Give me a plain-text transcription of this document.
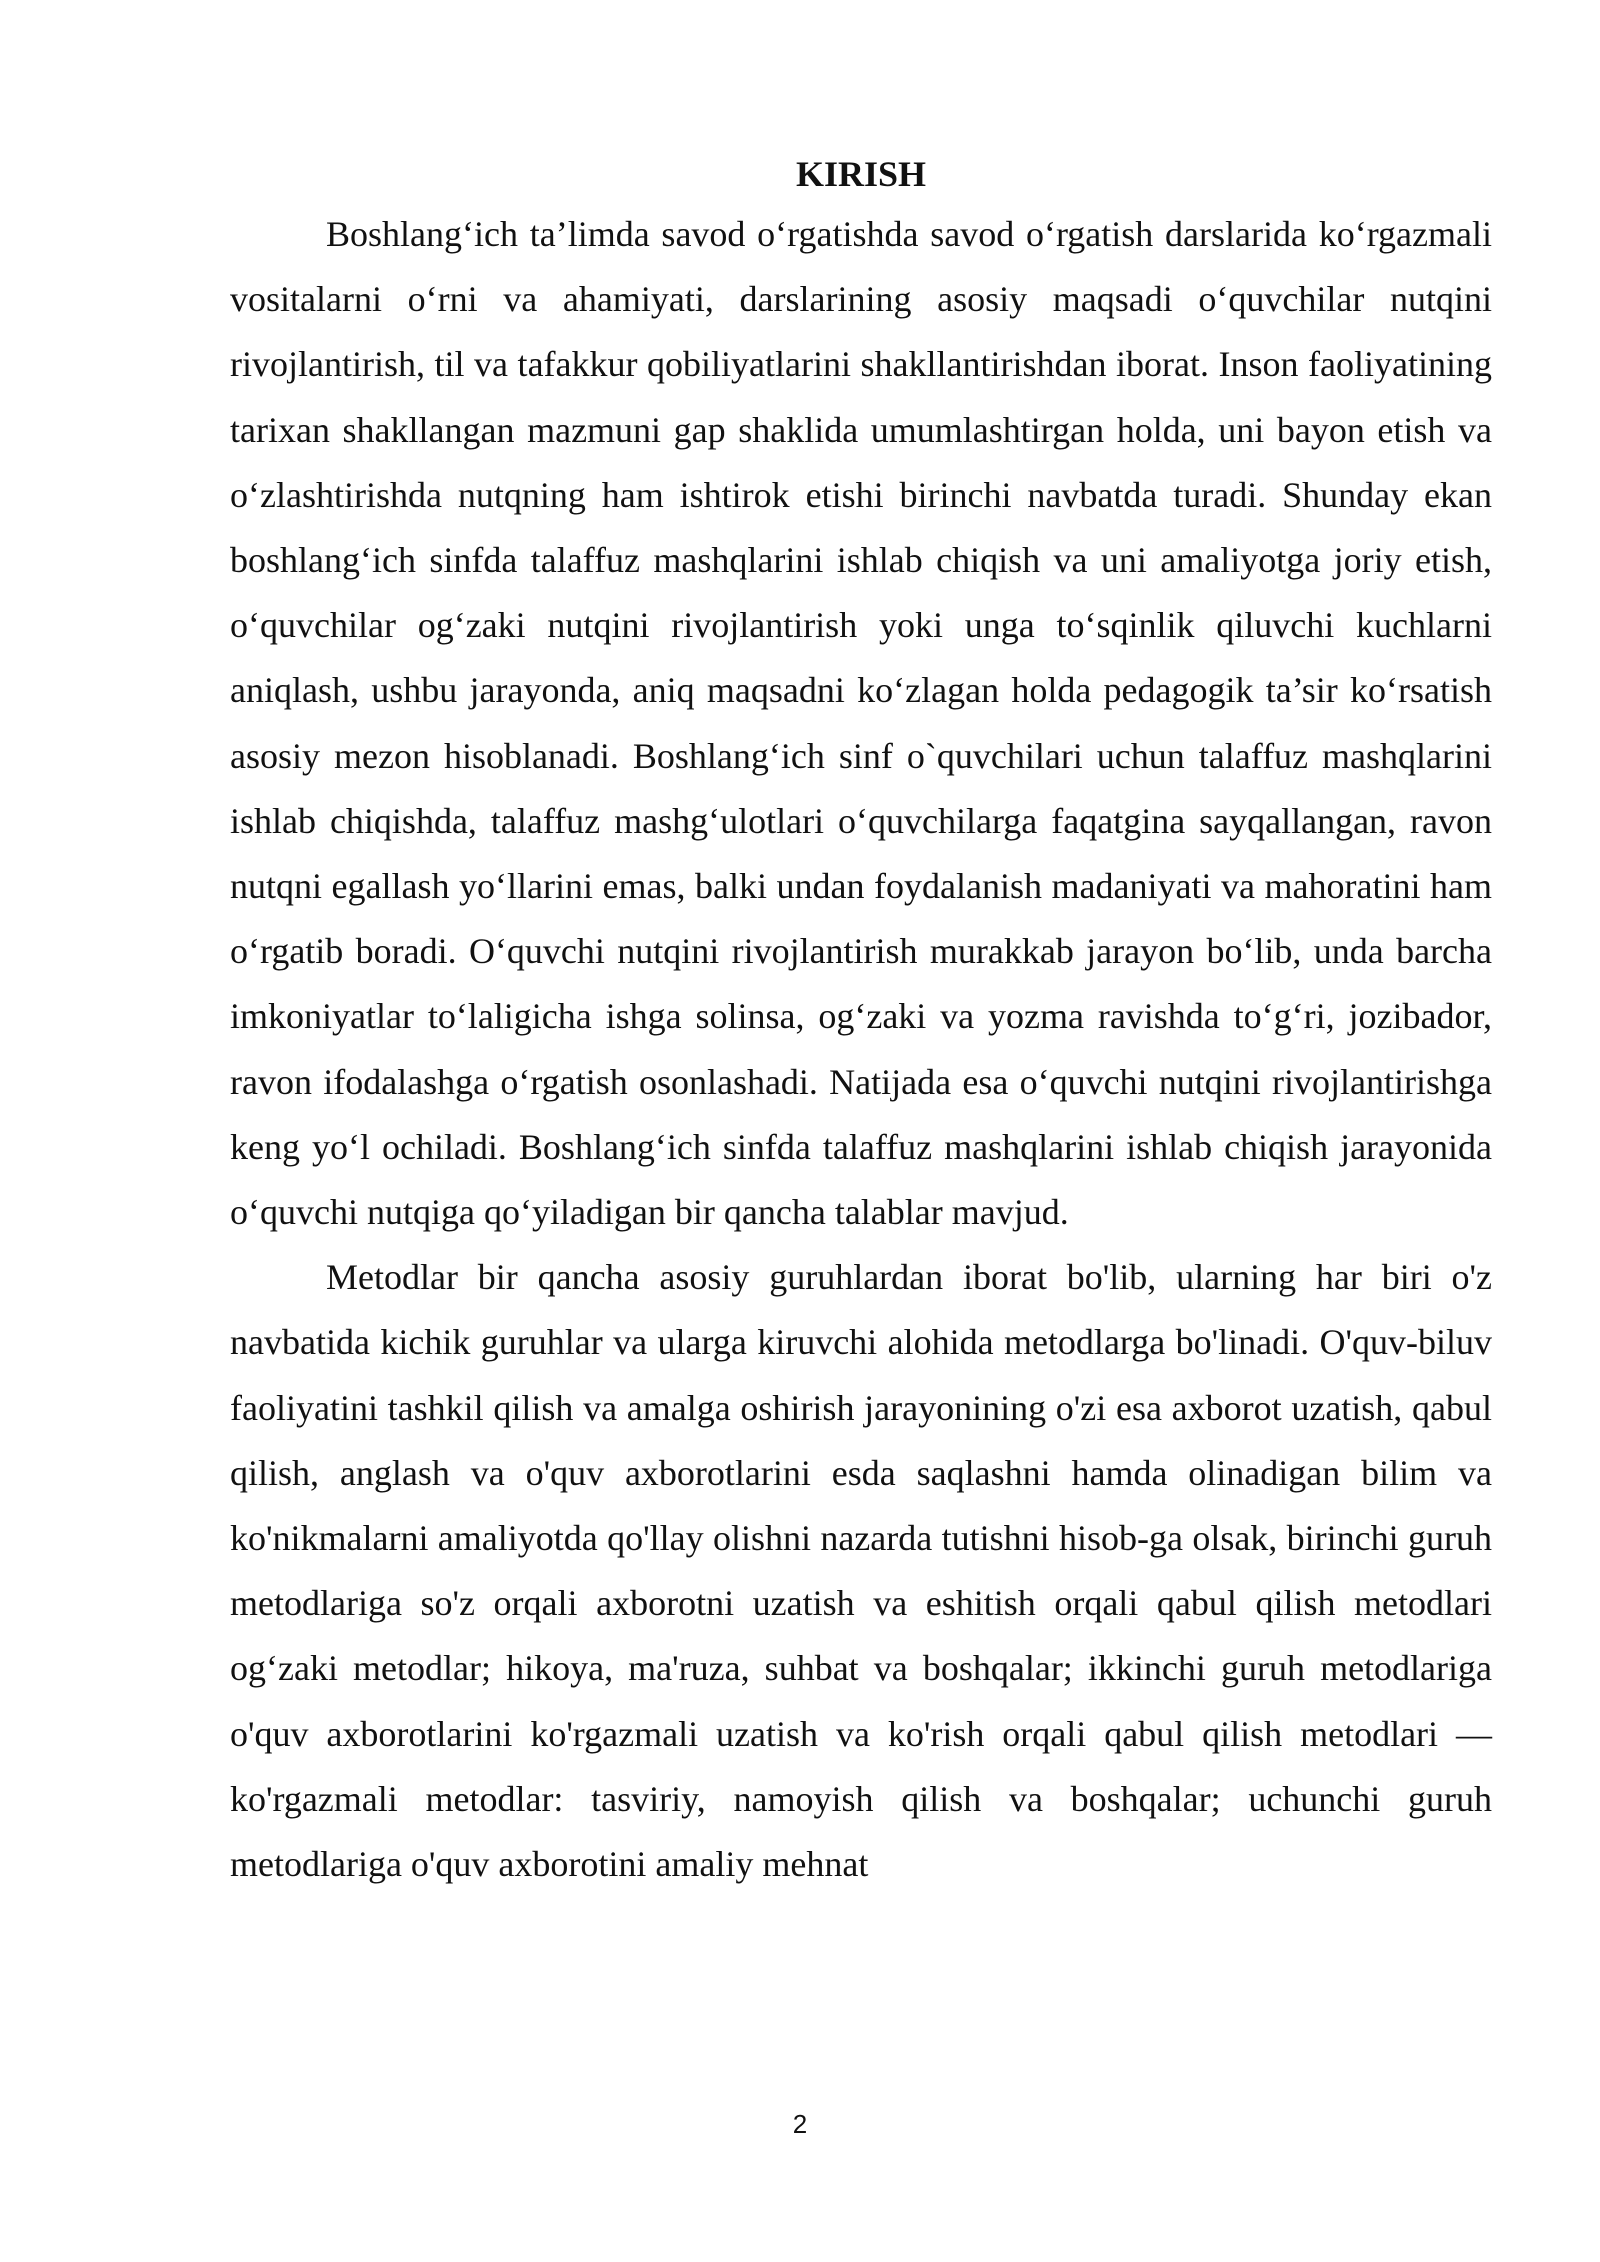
KIRISH

Boshlang‘ich ta’limda savod o‘rgatishda savod o‘rgatish darslarida ko‘rgazmali vositalarni o‘rni va ahamiyati, darslarining asosiy maqsadi o‘quvchilar nutqini rivojlantirish, til va tafakkur qobiliyatlarini shakllantirishdan iborat. Inson faoliyatining tarixan shakllangan mazmuni gap shaklida umumlashtirgan holda, uni bayon etish va o‘zlashtirishda nutqning ham ishtirok etishi birinchi navbatda turadi. Shunday ekan boshlang‘ich sinfda talaffuz mashqlarini ishlab chiqish va uni amaliyotga joriy etish, o‘quvchilar og‘zaki nutqini rivojlantirish yoki unga to‘sqinlik qiluvchi kuchlarni aniqlash, ushbu jarayonda, aniq maqsadni ko‘zlagan holda pedagogik ta’sir ko‘rsatish asosiy mezon hisoblanadi. Boshlang‘ich sinf o`quvchilari uchun talaffuz mashqlarini ishlab chiqishda, talaffuz mashg‘ulotlari o‘quvchilarga faqatgina sayqallangan, ravon nutqni egallash yo‘llarini emas, balki undan foydalanish madaniyati va mahoratini ham o‘rgatib boradi. O‘quvchi nutqini rivojlantirish murakkab jarayon bo‘lib, unda barcha imkoniyatlar to‘laligicha ishga solinsa, og‘zaki va yozma ravishda to‘g‘ri, jozibador, ravon ifodalashga o‘rgatish osonlashadi. Natijada esa o‘quvchi nutqini rivojlantirishga keng yo‘l ochiladi. Boshlang‘ich sinfda talaffuz mashqlarini ishlab chiqish jarayonida o‘quvchi nutqiga qo‘yiladigan bir qancha talablar mavjud.

Metodlar bir qancha asosiy guruhlardan iborat bo'lib, ularning har biri o'z navbatida kichik guruhlar va ularga kiruvchi alohida metodlarga bo'linadi. O'quv-biluv faoliyatini tashkil qilish va amalga oshirish jarayonining o'zi esa axborot uzatish, qabul qilish, anglash va o'quv axborotlarini esda saqlashni hamda olinadigan bilim va ko'nikmalarni amaliyotda qo'llay olishni nazarda tutishni hisob-ga olsak, birinchi guruh metodlariga so'z orqali axborotni uzatish va eshitish orqali qabul qilish metodlari og‘zaki metodlar; hikoya, ma'ruza, suhbat va boshqalar; ikkinchi guruh metodlariga o'quv axborotlarini ko'rgazmali uzatish va ko'rish orqali qabul qilish metodlari — ko'rgazmali metodlar: tasviriy, namoyish qilish va boshqalar; uchunchi guruh metodlariga o'quv axborotini amaliy mehnat

2
